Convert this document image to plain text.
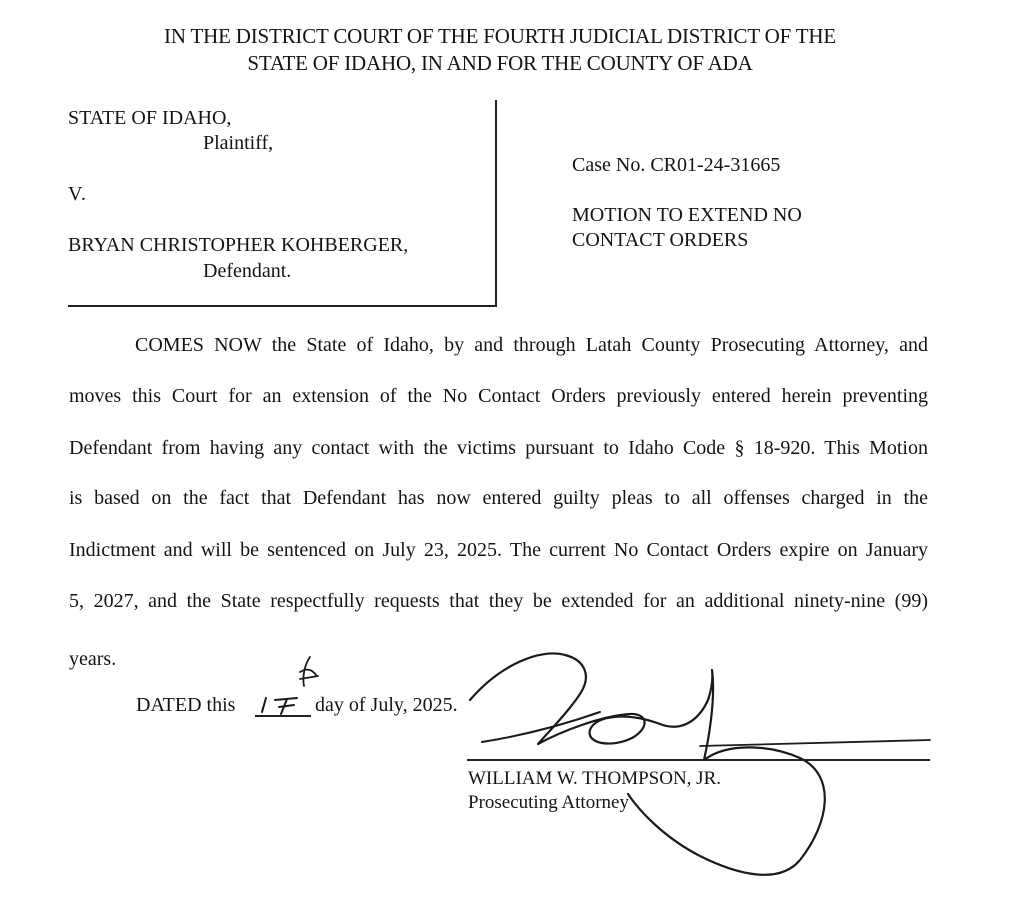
IN THE DISTRICT COURT OF THE FOURTH JUDICIAL DISTRICT OF THE
STATE OF IDAHO, IN AND FOR THE COUNTY OF ADA
STATE OF IDAHO,
Plaintiff,
V.
BRYAN CHRISTOPHER KOHBERGER,
Defendant.
Case No. CR01-24-31665
MOTION TO EXTEND NO
CONTACT ORDERS
COMES NOW the State of Idaho, by and through Latah County Prosecuting Attorney, and
moves this Court for an extension of the No Contact Orders previously entered herein preventing
Defendant from having any contact with the victims pursuant to Idaho Code § 18-920. This Motion
is based on the fact that Defendant has now entered guilty pleas to all offenses charged in the
Indictment and will be sentenced on July 23, 2025. The current No Contact Orders expire on January
5, 2027, and the State respectfully requests that they be extended for an additional ninety-nine (99)
years.
DATED this	day of July, 2025.
WILLIAM W. THOMPSON, JR.
Prosecuting Attorney
